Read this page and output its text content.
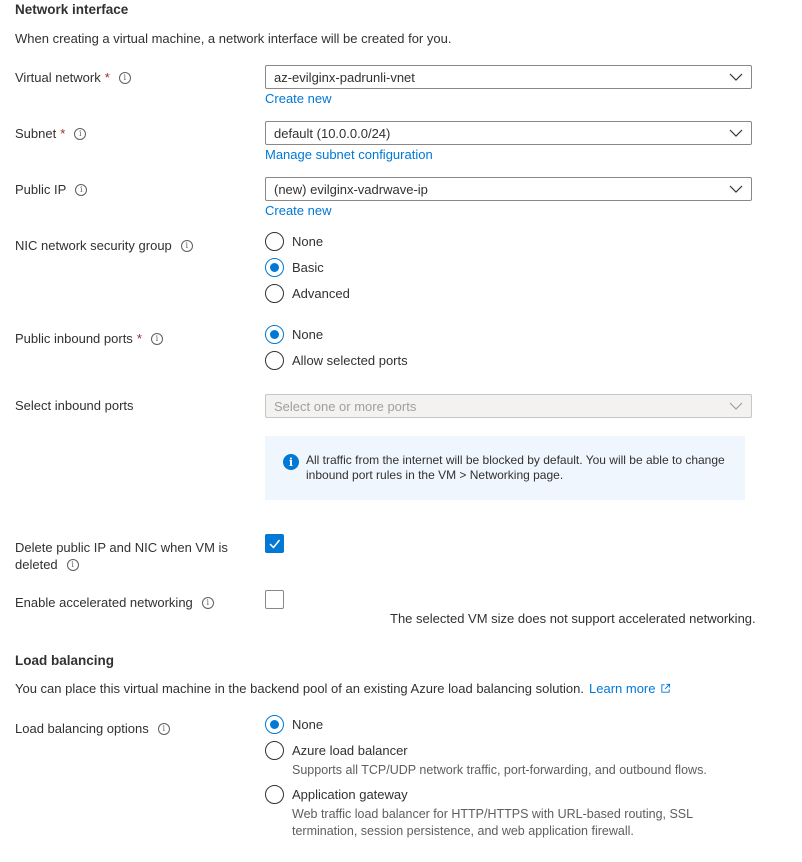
Network interface
When creating a virtual machine, a network interface will be created for you.
Virtual network *	i	az-evilginx-padrunli-vnet
Create new
Subnet *	i	default (10.0.0.0/24)
Manage subnet configuration
Public IP	i	(new) evilginx-vadrwave-ip
Create new
NIC network security group	i	None
Basic
Advanced
Public inbound ports *	i	None
Allow selected ports
Select inbound ports	Select one or more ports
i	All traffic from the internet will be blocked by default. You will be able to change inbound port rules in the VM > Networking page.
Delete public IP and NIC when VM is
deleted	i
Enable accelerated networking	i
The selected VM size does not support accelerated networking.
Load balancing
You can place this virtual machine in the backend pool of an existing Azure load balancing solution. Learn more
Load balancing options	i	None
Azure load balancer
Supports all TCP/UDP network traffic, port-forwarding, and outbound flows.
Application gateway
Web traffic load balancer for HTTP/HTTPS with URL-based routing, SSL
termination, session persistence, and web application firewall.
